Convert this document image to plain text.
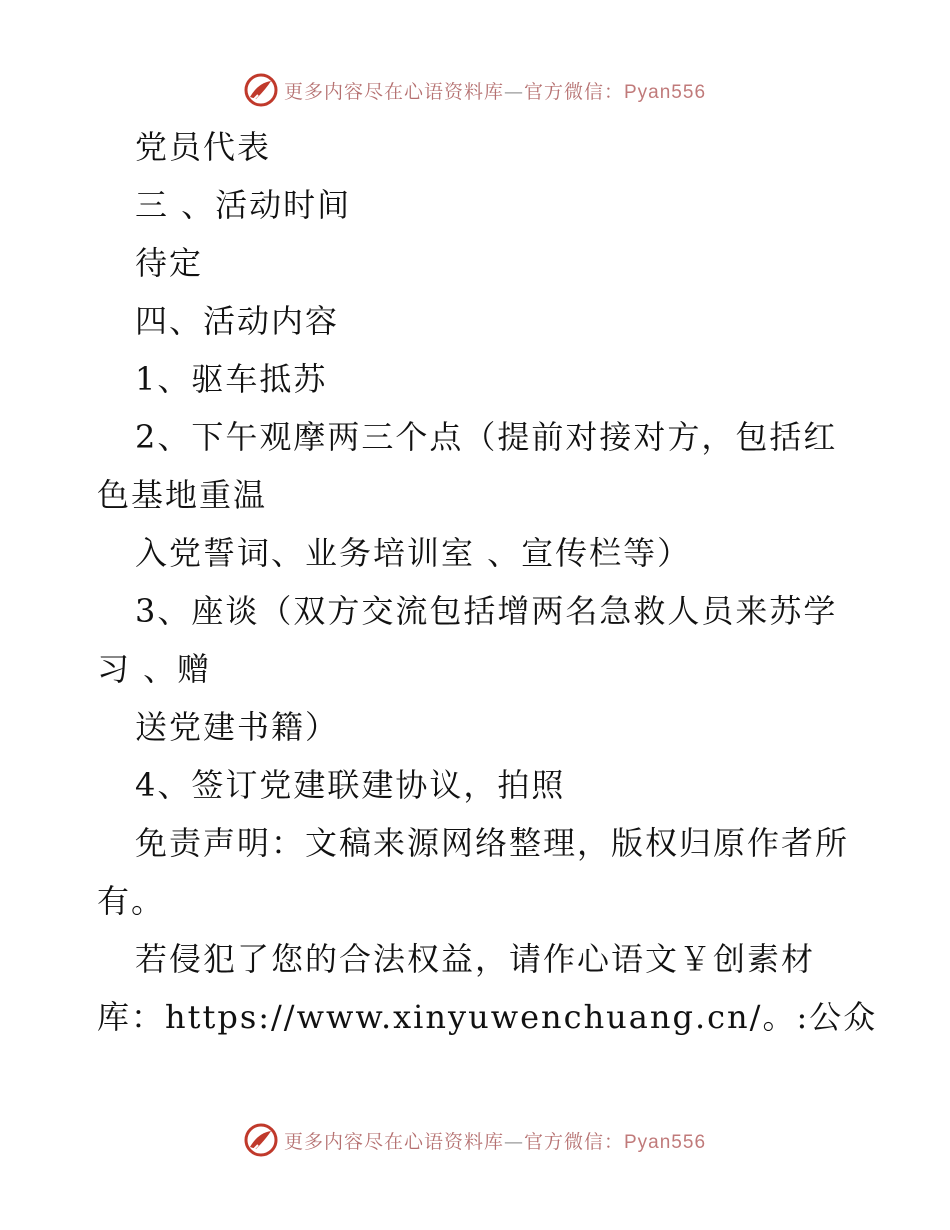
更多内容尽在心语资料库—官方微信：Pyan556
党员代表
三 、活动时间
待定
四、活动内容
1、驱车抵苏
2、下午观摩两三个点（提前对接对方，包括红
色基地重温
入党誓词、业务培训室 、宣传栏等）
3、座谈（双方交流包括增两名急救人员来苏学
习 、赠
送党建书籍）
4、签订党建联建协议，拍照
免责声明：文稿来源网络整理，版权归原作者所
有。
若侵犯了您的合法权益，请作心语文￥创素材
库：https://www.xinyuwenchuang.cn/。:公众
更多内容尽在心语资料库—官方微信：Pyan556
